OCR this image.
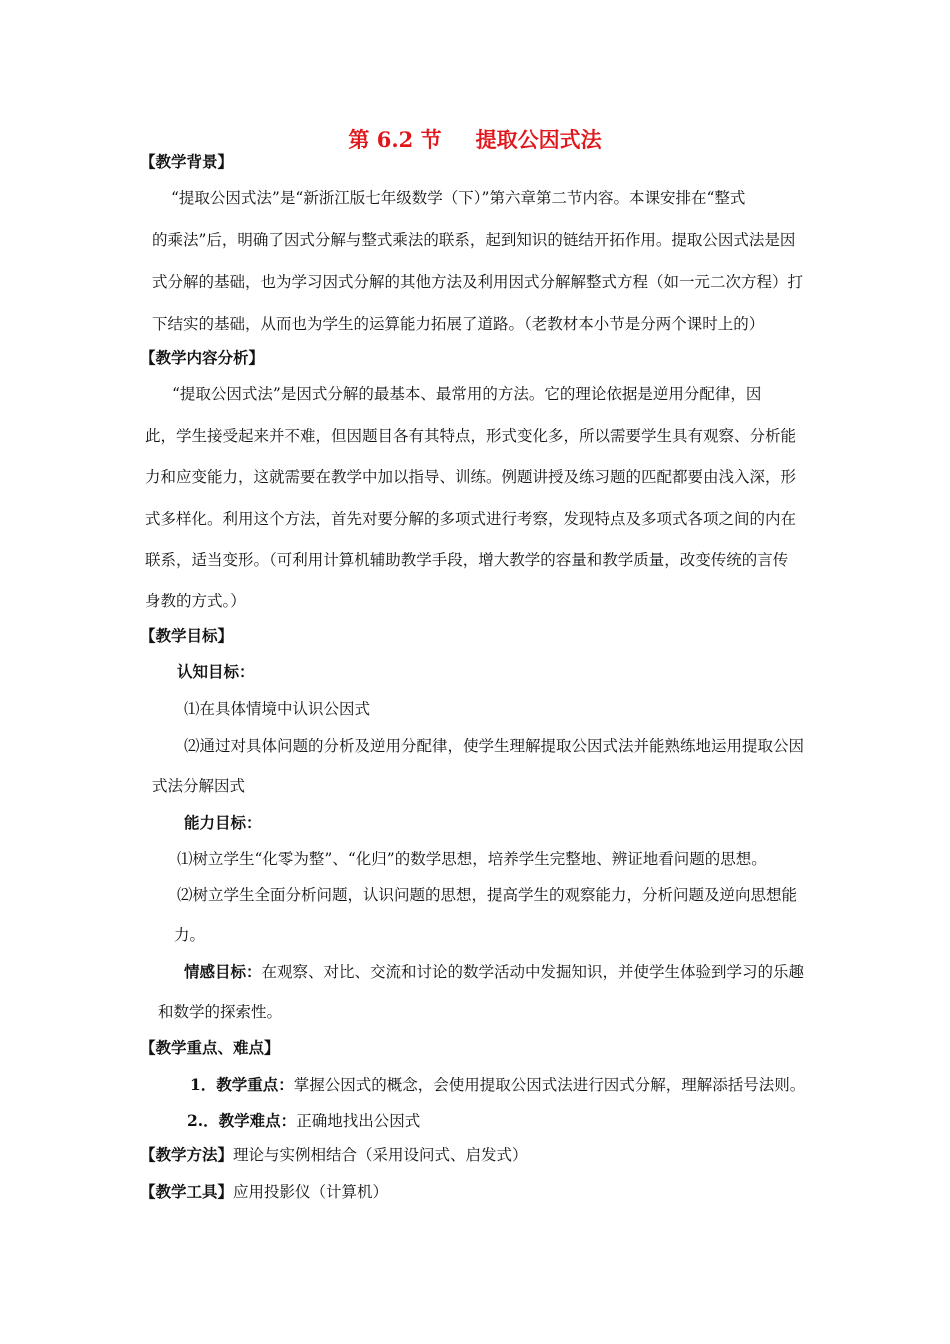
第 6.2 节 提取公因式法
【教学背景】
“提取公因式法”是“新浙江版七年级数学（下）”第六章第二节内容。本课安排在“整式
的乘法”后，明确了因式分解与整式乘法的联系，起到知识的链结开拓作用。提取公因式法是因
式分解的基础，也为学习因式分解的其他方法及利用因式分解解整式方程（如一元二次方程）打
下结实的基础，从而也为学生的运算能力拓展了道路。（老教材本小节是分两个课时上的）
【教学内容分析】
“提取公因式法”是因式分解的最基本、最常用的方法。它的理论依据是逆用分配律，因
此，学生接受起来并不难，但因题目各有其特点，形式变化多，所以需要学生具有观察、分析能
力和应变能力，这就需要在教学中加以指导、训练。例题讲授及练习题的匹配都要由浅入深，形
式多样化。利用这个方法，首先对要分解的多项式进行考察，发现特点及多项式各项之间的内在
联系，适当变形。（可利用计算机辅助教学手段，增大教学的容量和教学质量，改变传统的言传
身教的方式。）
【教学目标】
认知目标：
⑴在具体情境中认识公因式
⑵通过对具体问题的分析及逆用分配律，使学生理解提取公因式法并能熟练地运用提取公因
式法分解因式
能力目标：
⑴树立学生“化零为整”、“化归”的数学思想，培养学生完整地、辨证地看问题的思想。
⑵树立学生全面分析问题，认识问题的思想，提高学生的观察能力，分析问题及逆向思想能
力。
情感目标：在观察、对比、交流和讨论的数学活动中发掘知识，并使学生体验到学习的乐趣
和数学的探索性。
【教学重点、难点】
1．教学重点：掌握公因式的概念，会使用提取公因式法进行因式分解，理解添括号法则。
2.．教学难点：正确地找出公因式
【教学方法】理论与实例相结合（采用设问式、启发式）
【教学工具】应用投影仪（计算机）
